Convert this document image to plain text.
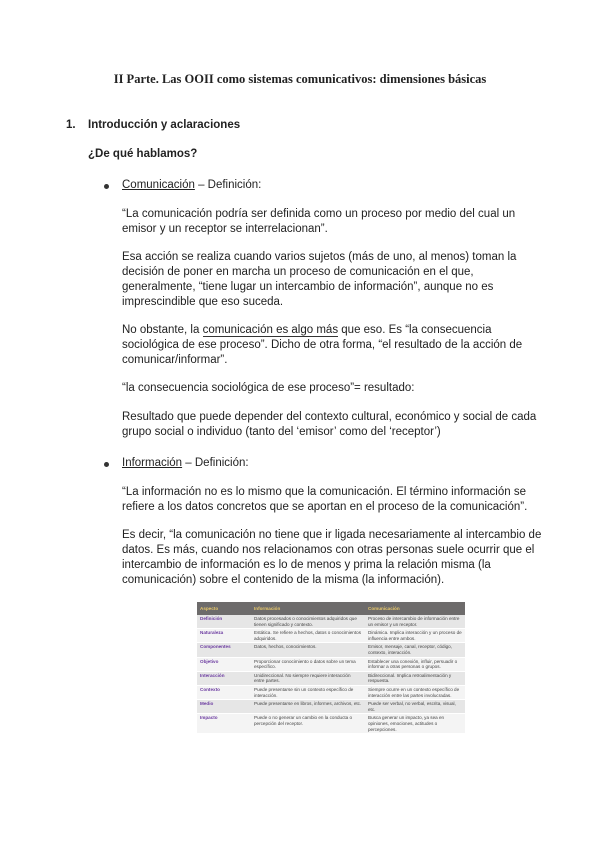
II Parte. Las OOII como sistemas comunicativos: dimensiones básicas
1. Introducción y aclaraciones
¿De qué hablamos?
Comunicación – Definición:

“La comunicación podría ser definida como un proceso por medio del cual un emisor y un receptor se interrelacionan”.

Esa acción se realiza cuando varios sujetos (más de uno, al menos) toman la decisión de poner en marcha un proceso de comunicación en el que, generalmente, “tiene lugar un intercambio de información”, aunque no es imprescindible que eso suceda.

No obstante, la comunicación es algo más que eso. Es “la consecuencia sociológica de ese proceso”. Dicho de otra forma, “el resultado de la acción de comunicar/informar”.

“la consecuencia sociológica de ese proceso”= resultado:

Resultado que puede depender del contexto cultural, económico y social de cada grupo social o individuo (tanto del ‘emisor’ como del ‘receptor’)

Información – Definición:

“La información no es lo mismo que la comunicación. El término información se refiere a los datos concretos que se aportan en el proceso de la comunicación”.

Es decir, “la comunicación no tiene que ir ligada necesariamente al intercambio de datos. Es más, cuando nos relacionamos con otras personas suele ocurrir que el intercambio de información es lo de menos y prima la relación misma (la comunicación) sobre el contenido de la misma (la información).

Aspecto	Información	Comunicación
Definición	Datos procesados o conocimientos adquiridos que tienen significado y contexto.	Proceso de intercambio de información entre un emisor y un receptor.
Naturaleza	Estática. Se refiere a hechos, datos o conocimientos adquiridos.	Dinámica. Implica interacción y un proceso de influencia entre ambos.
Componentes	Datos, hechos, conocimientos.	Emisor, mensaje, canal, receptor, código, contexto, interacción.
Objetivo	Proporcionar conocimiento o datos sobre un tema específico.	Establecer una conexión, influir, persuadir o informar a otras personas o grupos.
Interacción	Unidireccional. No siempre requiere interacción entre partes.	Bidireccional. Implica retroalimentación y respuesta.
Contexto	Puede presentarse sin un contexto específico de interacción.	Siempre ocurre en un contexto específico de interacción entre las partes involucradas.
Medio	Puede presentarse en libros, informes, archivos, etc.	Puede ser verbal, no verbal, escrita, visual, etc.
Impacto	Puede o no generar un cambio en la conducta o percepción del receptor.	Busca generar un impacto, ya sea en opiniones, emociones, actitudes o percepciones.
